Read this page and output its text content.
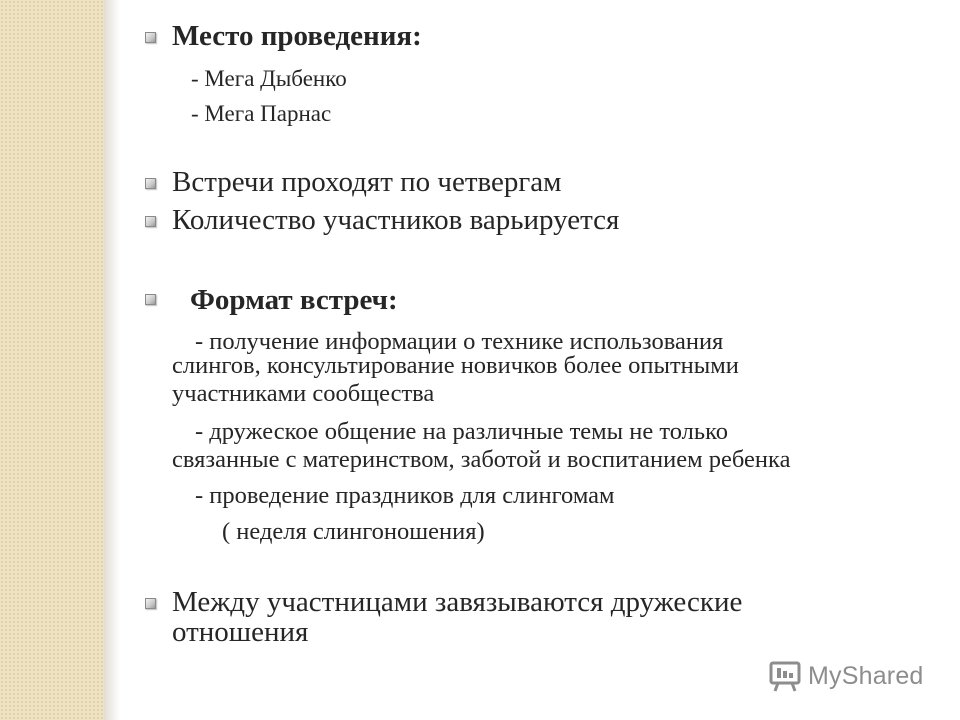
Место проведения:
- Мега Дыбенко
- Мега Парнас
Встречи проходят по четвергам
Количество участников варьируется
Формат встреч:
- получение информации о технике использования
слингов, консультирование новичков более опытными
участниками сообщества
- дружеское общение на различные темы не только
связанные с материнством, заботой и воспитанием ребенка
- проведение праздников для слингомам
( неделя слингоношения)
Между участницами завязываются дружеские
отношения
MyShared
